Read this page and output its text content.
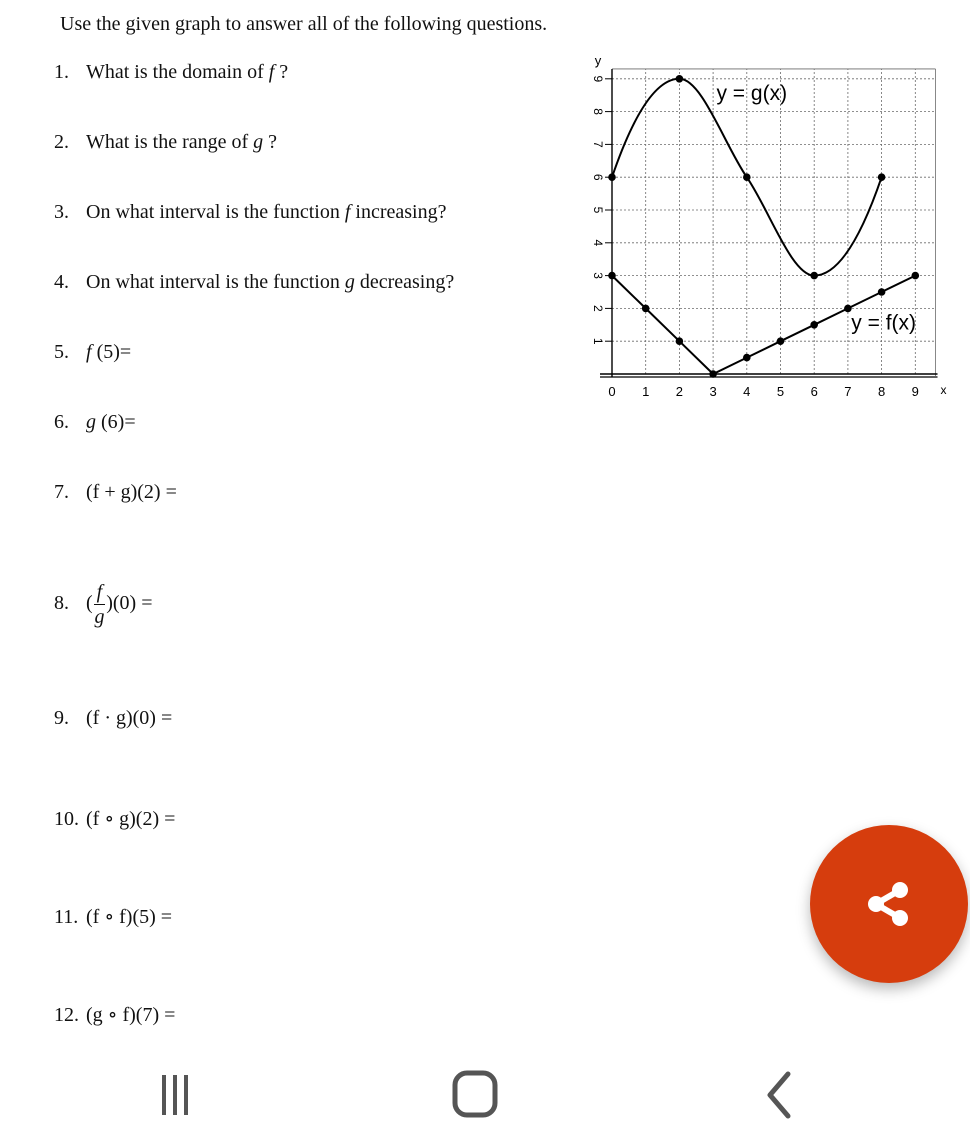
Use the given graph to answer all of the following questions.
1. What is the domain of f ?
2. What is the range of g ?
3. On what interval is the function f increasing?
4. On what interval is the function g decreasing?
5. f (5)=
6. g (6)=
7. (f + g)(2) =
8. ( $\frac{f}{g} )(0)$ =
9. (f · g)(0) =
10. (f ∘ g)(2) =
11. (f ∘ f)(5) =
12. (g ∘ f)(7) =
1
2
3
4
5
6
7
8
9
0 1 2 3 4 5 6 7 8 9 x
y
y = g(x)
y = f(x)
